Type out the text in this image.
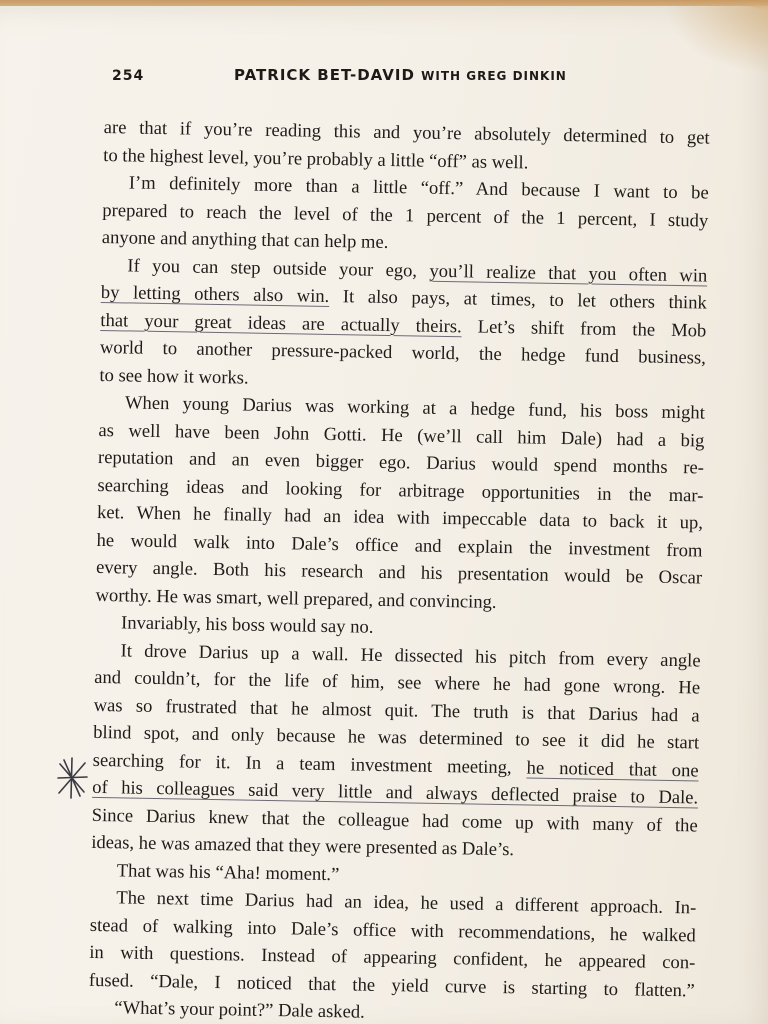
254	PATRICK BET-DAVID WITH GREG DINKIN
are that if you’re reading this and you’re absolutely determined to get
to the highest level, you’re probably a little “off” as well.
I’m definitely more than a little “off.” And because I want to be
prepared to reach the level of the 1 percent of the 1 percent, I study
anyone and anything that can help me.
If you can step outside your ego, you’ll realize that you often win
by letting others also win. It also pays, at times, to let others think
that your great ideas are actually theirs. Let’s shift from the Mob
world to another pressure-packed world, the hedge fund business,
to see how it works.
When young Darius was working at a hedge fund, his boss might
as well have been John Gotti. He (we’ll call him Dale) had a big
reputation and an even bigger ego. Darius would spend months re-
searching ideas and looking for arbitrage opportunities in the mar-
ket. When he finally had an idea with impeccable data to back it up,
he would walk into Dale’s office and explain the investment from
every angle. Both his research and his presentation would be Oscar
worthy. He was smart, well prepared, and convincing.
Invariably, his boss would say no.
It drove Darius up a wall. He dissected his pitch from every angle
and couldn’t, for the life of him, see where he had gone wrong. He
was so frustrated that he almost quit. The truth is that Darius had a
blind spot, and only because he was determined to see it did he start
searching for it. In a team investment meeting, he noticed that one
of his colleagues said very little and always deflected praise to Dale.
Since Darius knew that the colleague had come up with many of the
ideas, he was amazed that they were presented as Dale’s.
That was his “Aha! moment.”
The next time Darius had an idea, he used a different approach. In-
stead of walking into Dale’s office with recommendations, he walked
in with questions. Instead of appearing confident, he appeared con-
fused. “Dale, I noticed that the yield curve is starting to flatten.”
“What’s your point?” Dale asked.
